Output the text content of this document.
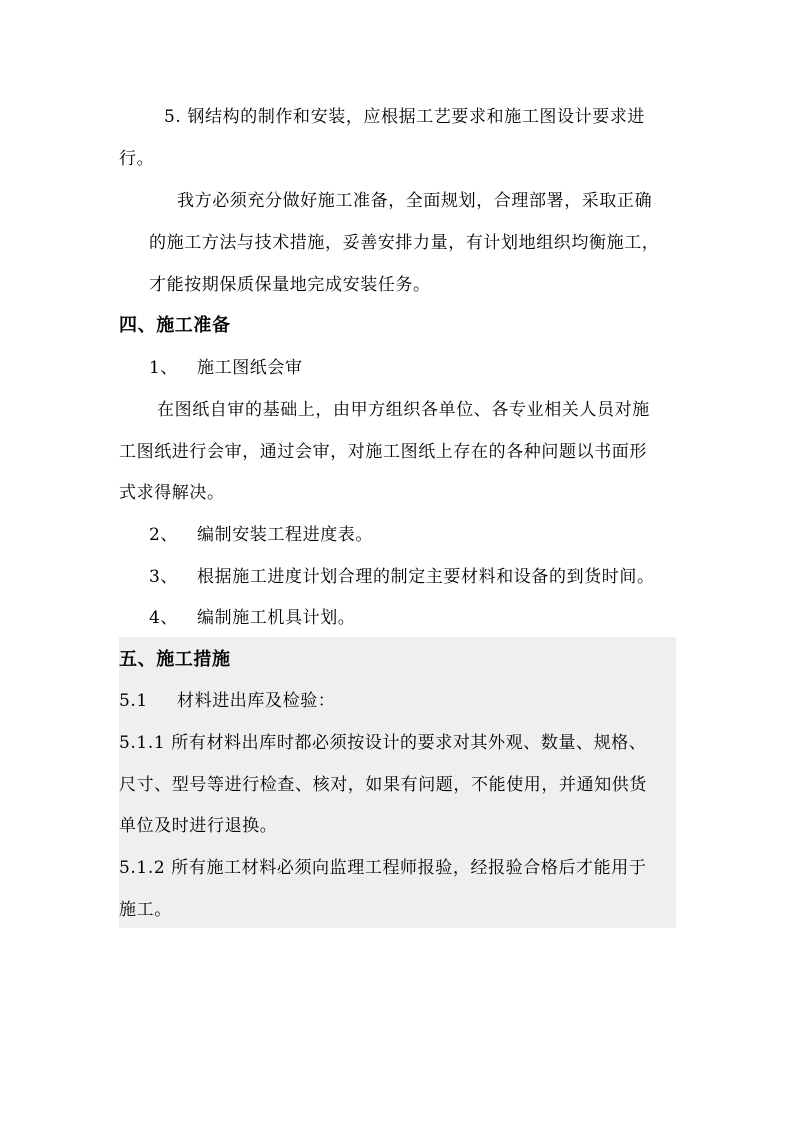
5. 钢结构的制作和安装，应根据工艺要求和施工图设计要求进
行。
我方必须充分做好施工准备，全面规划，合理部署，采取正确
的施工方法与技术措施，妥善安排力量，有计划地组织均衡施工，
才能按期保质保量地完成安装任务。
四、施工准备
1、 施工图纸会审
在图纸自审的基础上，由甲方组织各单位、各专业相关人员对施
工图纸进行会审，通过会审，对施工图纸上存在的各种问题以书面形
式求得解决。
2、 编制安装工程进度表。
3、 根据施工进度计划合理的制定主要材料和设备的到货时间。
4、 编制施工机具计划。
五、施工措施
5.1 材料进出库及检验：
5.1.1 所有材料出库时都必须按设计的要求对其外观、数量、规格、
尺寸、型号等进行检查、核对，如果有问题，不能使用，并通知供货
单位及时进行退换。
5.1.2 所有施工材料必须向监理工程师报验，经报验合格后才能用于
施工。
